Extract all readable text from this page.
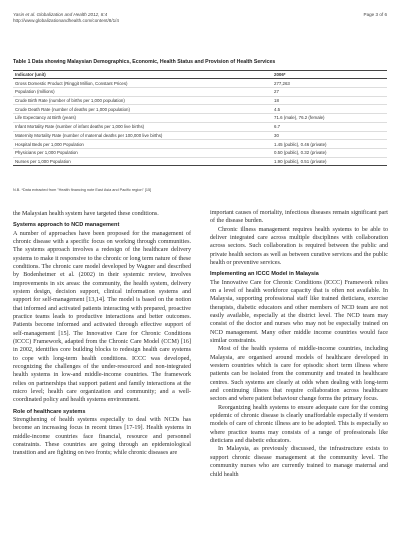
Yasin et al. Globalization and Health 2012, 8:4
http://www.globalizationandhealth.com/content/8/1/4
Page 3 of 6
Table 1 Data showing Malaysian Demographics, Economic, Health Status and Provision of Health Services
Indicator (unit)	2006*
Gross Domestic Product (Ringgit Million, Constant Prices)	277,263
Population (millions)	27
Crude Birth Rate (number of births per 1,000 population)	18
Crude Death Rate (number of deaths per 1,000 population)	4.5
Life Expectancy at Birth (years)	71.6 (male), 76.2 (female)
Infant Mortality Rate (number of infant deaths per 1,000 live births)	6.7
Maternity Mortality Rate (number of maternal deaths per 100,000 live births)	30
Hospital Beds per 1,000 Population	1.45 (public), 0.46 (private)
Physicians per 1,000 Population	0.50 (public), 0.32 (private)
Nurses per 1,000 Population	1.90 (public), 0.51 (private)
N.B. *Data extracted from "Health financing note East Asia and Pacific region" [15]

the Malaysian health system have targeted these conditions.

Systems approach to NCD management

A number of approaches have been proposed for the management of chronic disease with a specific focus on working through communities. The systems approach involves a redesign of the healthcare delivery systems to make it responsive to the chronic or long term nature of these conditions. The chronic care model developed by Wagner and described by Bodenheimer et al. (2002) in their systemic review, involves improvements in six areas: the community, the health system, delivery system design, decision support, clinical information systems and support for self-management [13,14]. The model is based on the notion that informed and activated patients interacting with prepared, proactive practice teams leads to productive interactions and better outcomes. Patients become informed and activated through effective support of self-management [15]. The Innovative Care for Chronic Conditions (ICCC) Framework, adapted from the Chronic Care Model (CCM) [16] in 2002, identifies core building blocks to redesign health care systems to cope with long-term health conditions. ICCC was developed, recognizing the challenges of the under-resourced and non-integrated health systems in low-and middle-income countries. The framework relies on partnerships that support patient and family interactions at the micro level; health care organization and community; and a well-coordinated policy and health systems environment.

Role of healthcare systems

Strengthening of health systems especially to deal with NCDs has become an increasing focus in recent times [17-19]. Health systems in middle-income countries face financial, resource and personnel constraints. These countries are going through an epidemiological transition and are fighting on two fronts; while chronic diseases are

important causes of mortality, infectious diseases remain significant part of the disease burden.

Chronic illness management requires health systems to be able to deliver integrated care across multiple disciplines with collaboration across sectors. Such collaboration is required between the public and private health sectors as well as between curative services and the public health or preventive services.

Implementing an ICCC Model in Malaysia

The Innovative Care for Chronic Conditions (ICCC) Framework relies on a level of health workforce capacity that is often not available. In Malaysia, supporting professional staff like trained dieticians, exercise therapists, diabetic educators and other members of NCD team are not easily available, especially at the district level. The NCD team may consist of the doctor and nurses who may not be especially trained on NCD management. Many other middle income countries would face similar constraints.

Most of the health systems of middle-income countries, including Malaysia, are organised around models of healthcare developed in western countries which is care for episodic short term illness where patients can be isolated from the community and treated in healthcare centres. Such systems are clearly at odds when dealing with long-term and continuing illness that require collaboration across healthcare sectors and where patient behaviour change forms the primary focus.

Reorganizing health systems to ensure adequate care for the coming epidemic of chronic disease is clearly unaffordable especially if western models of care of chronic illness are to be adopted. This is especially so where practice teams may consists of a range of professionals like dieticians and diabetic educators.

In Malaysia, as previously discussed, the infrastructure exists to support chronic disease management at the community level. The community nurses who are currently trained to manage maternal and child health
